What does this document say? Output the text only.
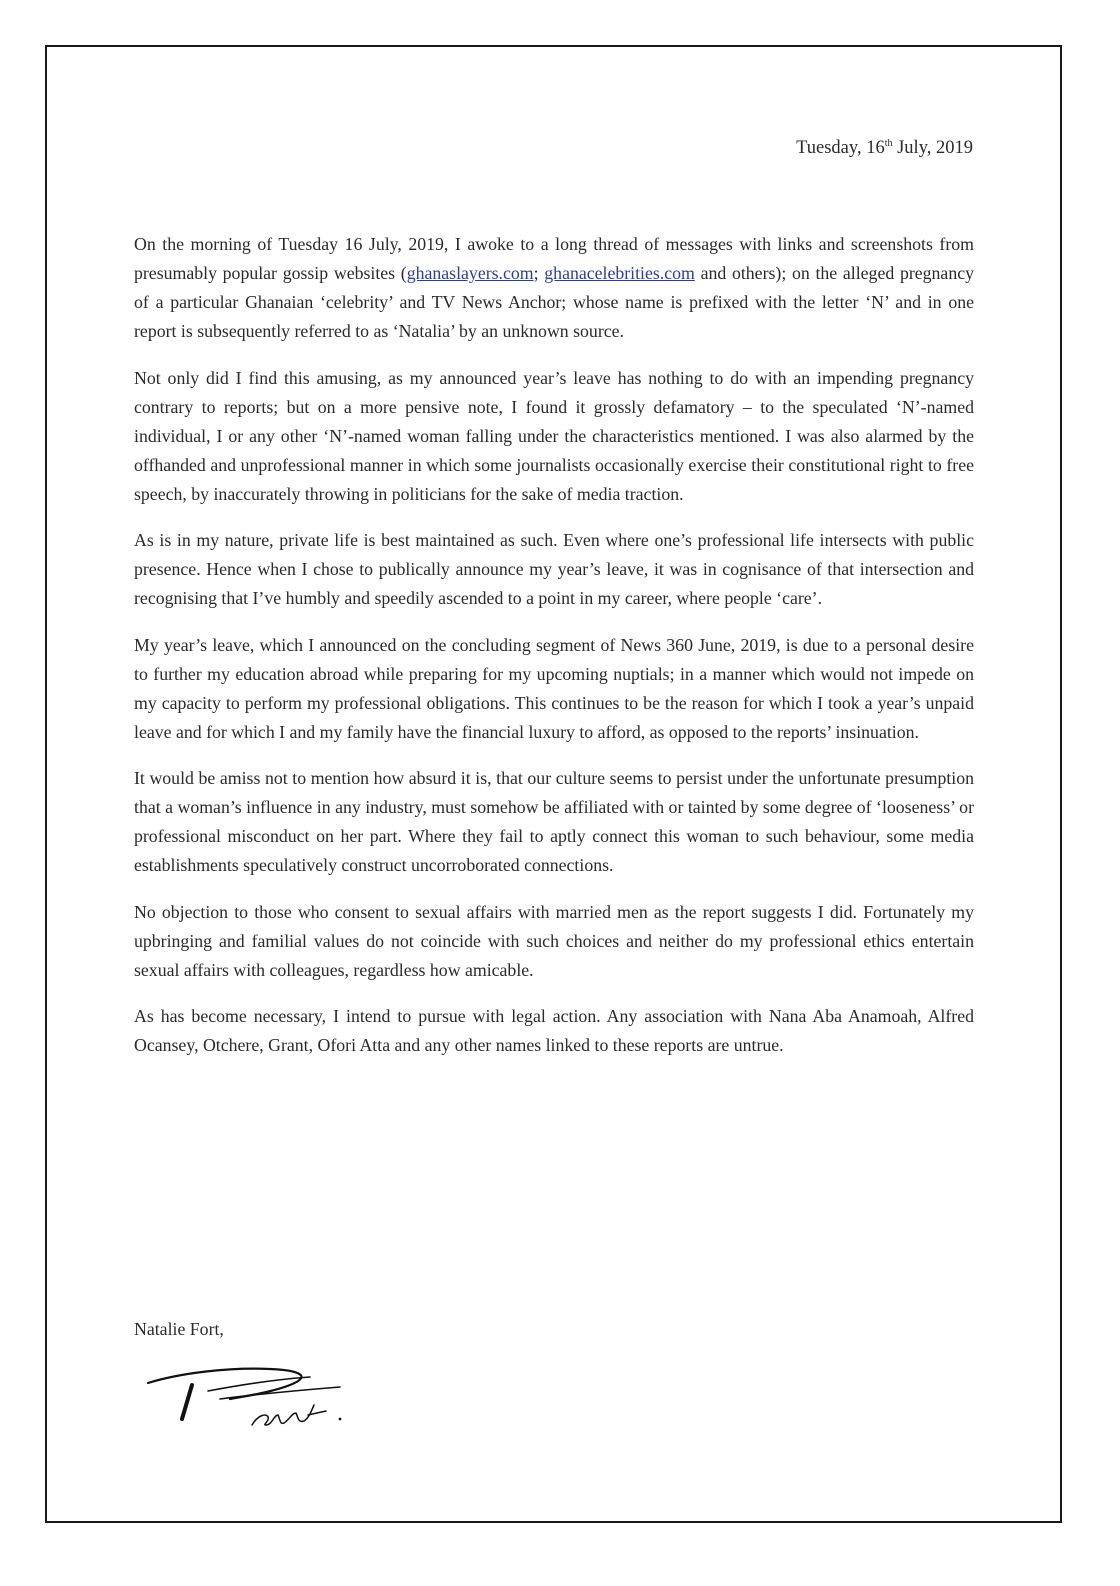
Tuesday, 16th July, 2019

On the morning of Tuesday 16 July, 2019, I awoke to a long thread of messages with links and screenshots from presumably popular gossip websites (ghanaslayers.com; ghanacelebrities.com and others); on the alleged pregnancy of a particular Ghanaian ‘celebrity’ and TV News Anchor; whose name is prefixed with the letter ‘N’ and in one report is subsequently referred to as ‘Natalia’ by an unknown source.

Not only did I find this amusing, as my announced year’s leave has nothing to do with an impending pregnancy contrary to reports; but on a more pensive note, I found it grossly defamatory – to the speculated ‘N’-named individual, I or any other ‘N’-named woman falling under the characteristics mentioned. I was also alarmed by the offhanded and unprofessional manner in which some journalists occasionally exercise their constitutional right to free speech, by inaccurately throwing in politicians for the sake of media traction.

As is in my nature, private life is best maintained as such. Even where one’s professional life intersects with public presence. Hence when I chose to publically announce my year’s leave, it was in cognisance of that intersection and recognising that I’ve humbly and speedily ascended to a point in my career, where people ‘care’.

My year’s leave, which I announced on the concluding segment of News 360 June, 2019, is due to a personal desire to further my education abroad while preparing for my upcoming nuptials; in a manner which would not impede on my capacity to perform my professional obligations. This continues to be the reason for which I took a year’s unpaid leave and for which I and my family have the financial luxury to afford, as opposed to the reports’ insinuation.

It would be amiss not to mention how absurd it is, that our culture seems to persist under the unfortunate presumption that a woman’s influence in any industry, must somehow be affiliated with or tainted by some degree of ‘looseness’ or professional misconduct on her part. Where they fail to aptly connect this woman to such behaviour, some media establishments speculatively construct uncorroborated connections.

No objection to those who consent to sexual affairs with married men as the report suggests I did. Fortunately my upbringing and familial values do not coincide with such choices and neither do my professional ethics entertain sexual affairs with colleagues, regardless how amicable.

As has become necessary, I intend to pursue with legal action. Any association with Nana Aba Anamoah, Alfred Ocansey, Otchere, Grant, Ofori Atta and any other names linked to these reports are untrue.

Natalie Fort,
